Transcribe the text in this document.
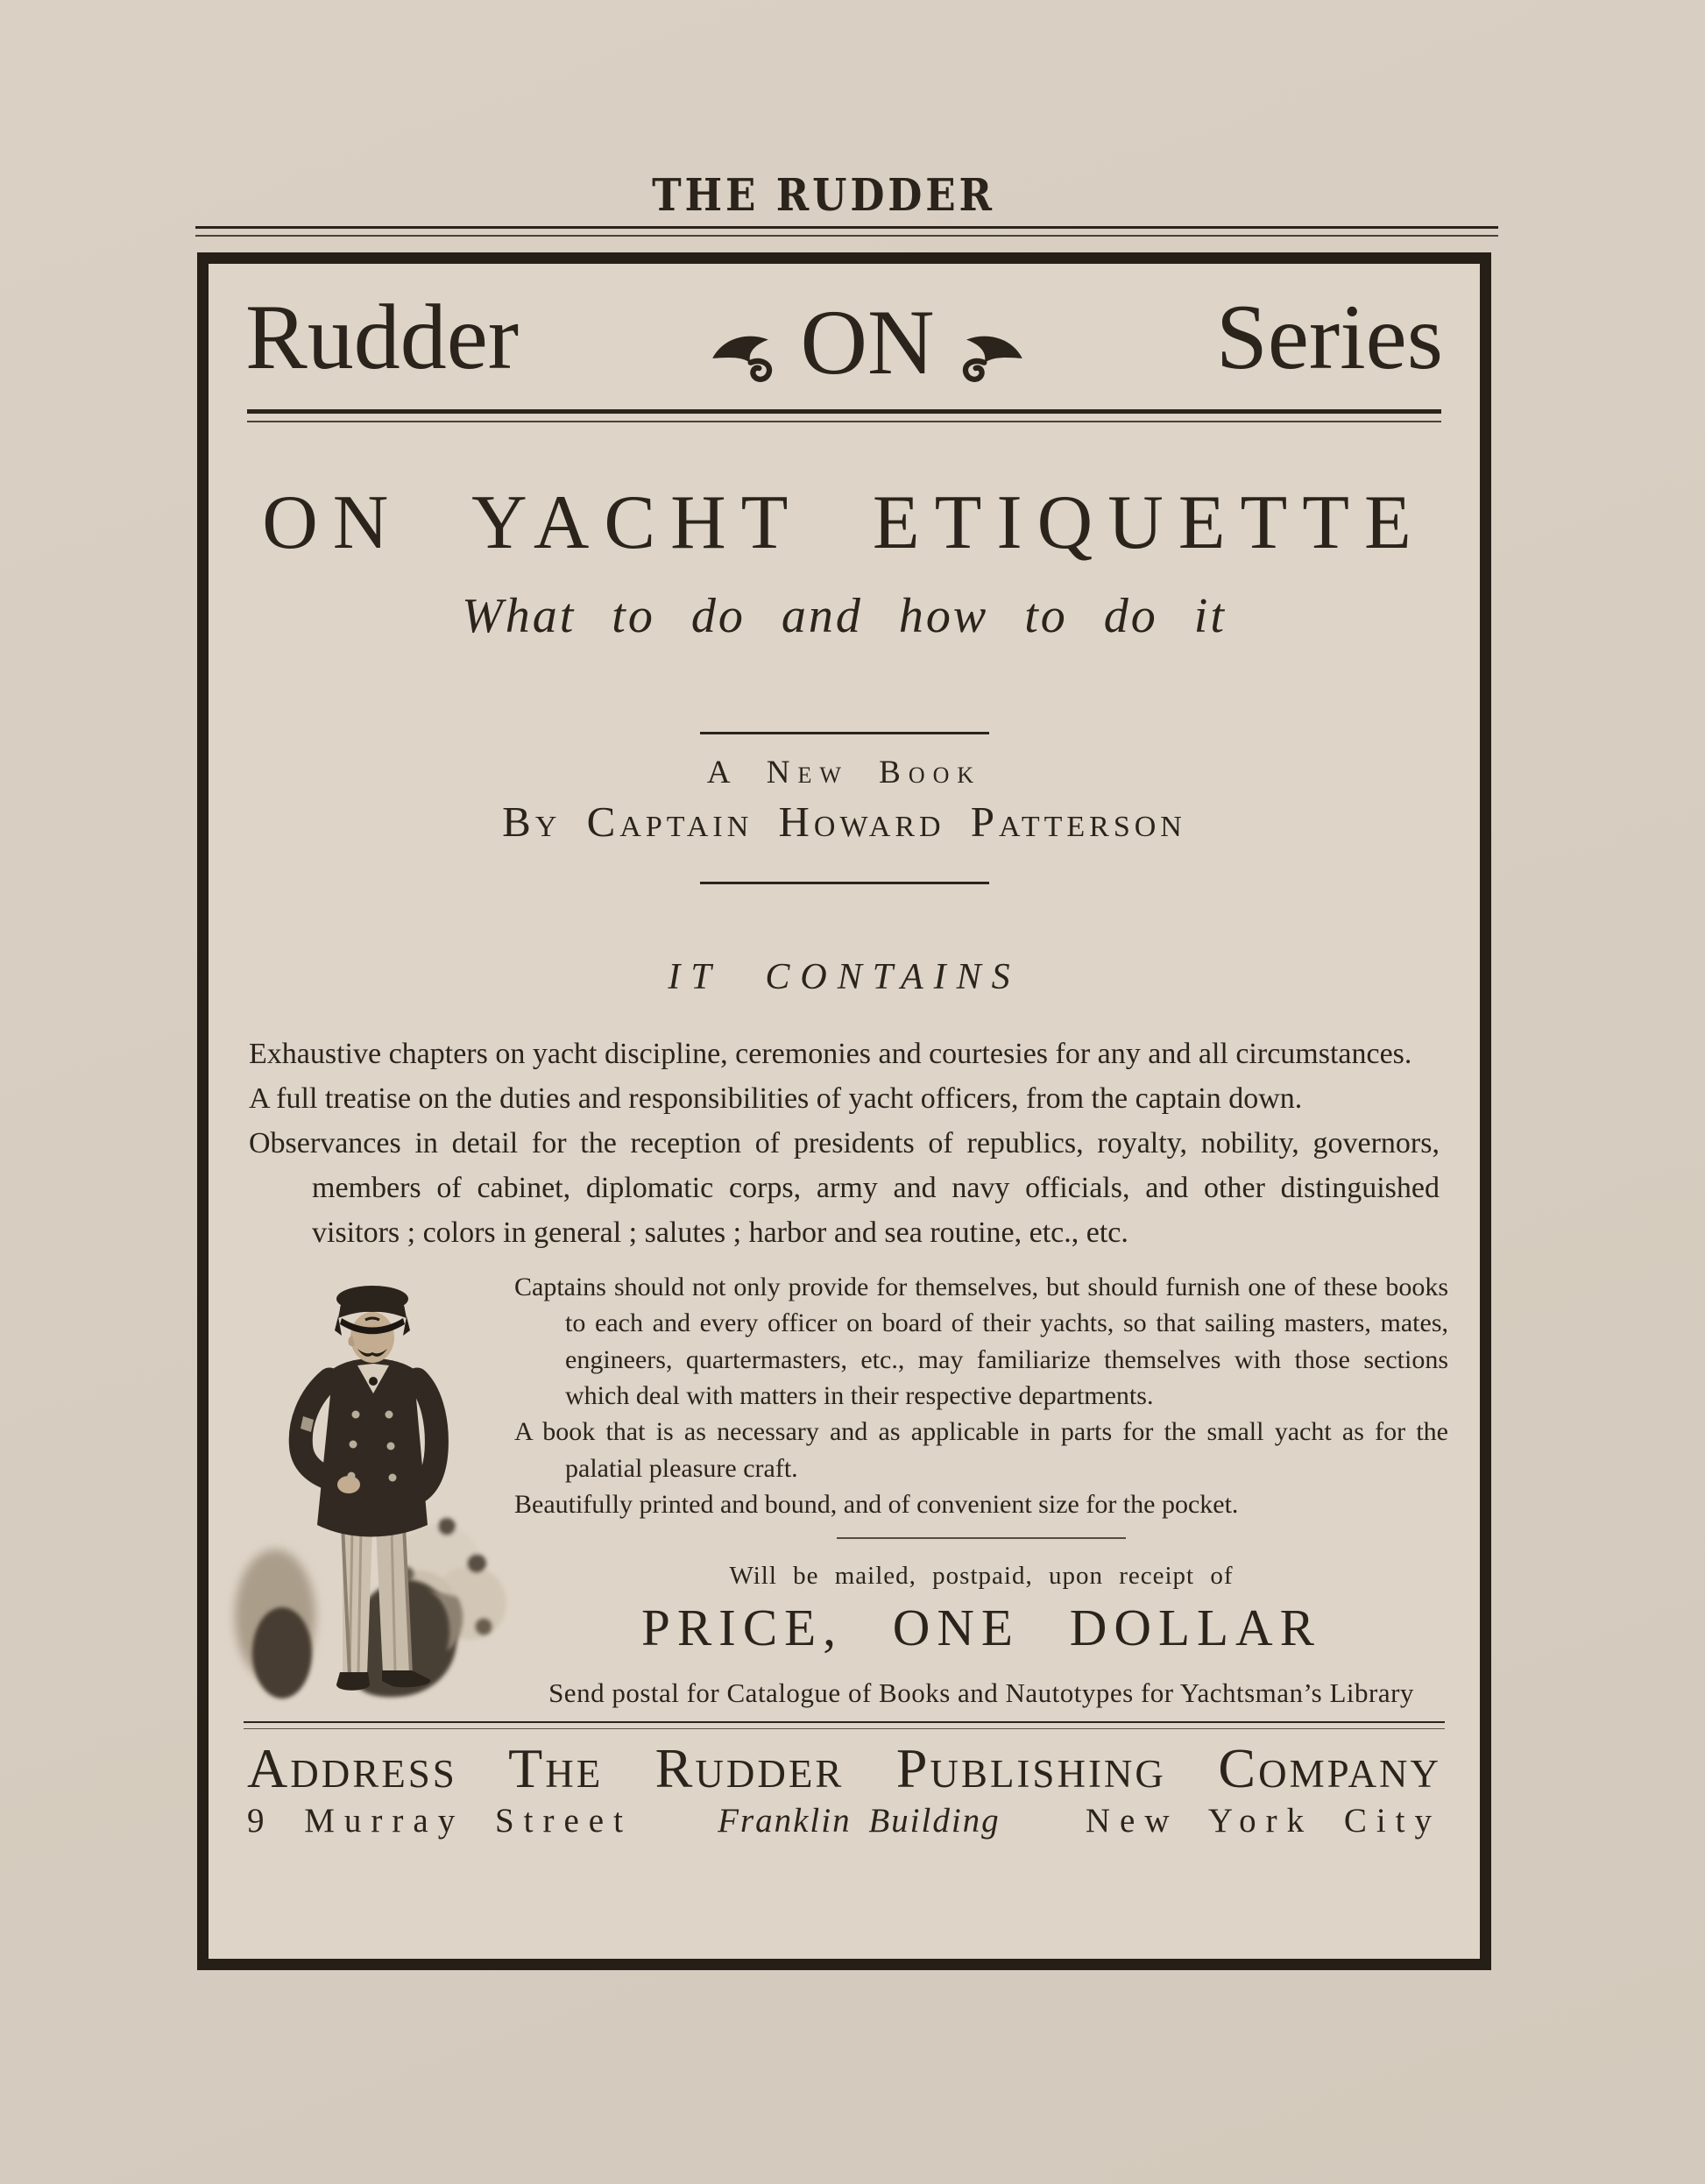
THE RUDDER
Rudder	ON	Series
ON YACHT ETIQUETTE
What to do and how to do it
A New Book
By Captain Howard Patterson
IT CONTAINS
Exhaustive chapters on yacht discipline, ceremonies and courtesies for any and all circumstances.
A full treatise on the duties and responsibilities of yacht officers, from the captain down.
Observances in detail for the reception of presidents of republics, royalty, nobility, governors, members of cabinet, diplomatic corps, army and navy officials, and other distinguished visitors ; colors in general ; salutes ; harbor and sea routine, etc., etc.
Captains should not only provide for themselves, but should furnish one of these books to each and every officer on board of their yachts, so that sailing masters, mates, engineers, quartermasters, etc., may familiarize themselves with those sections which deal with matters in their respective departments.
A book that is as necessary and as applicable in parts for the small yacht as for the palatial pleasure craft.
Beautifully printed and bound, and of convenient size for the pocket.
Will be mailed, postpaid, upon receipt of
PRICE, ONE DOLLAR
Send postal for Catalogue of Books and Nautotypes for Yachtsman’s Library
Address The Rudder Publishing Company
9 Murray Street Franklin Building New York City
